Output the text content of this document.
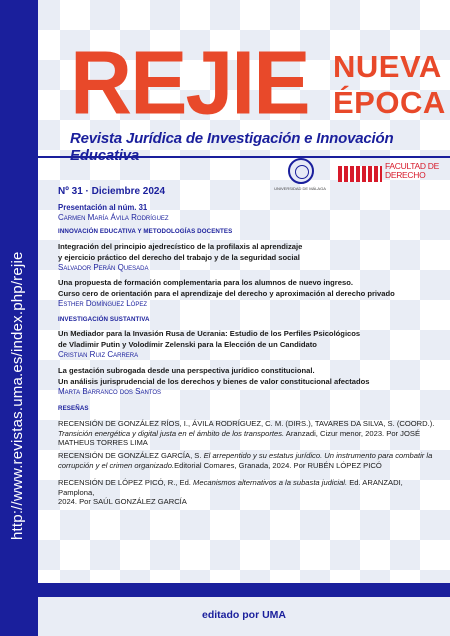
http://www.revistas.uma.es/index.php/rejie
REJIE NUEVA
ÉPOCA
Revista Jurídica de Investigación e Innovación
UNIVERSIDAD DE MÁLAGA
FACULTAD DE
DERECHO
Nº 31 · Diciembre 2024
Presentación al núm. 31
Carmen María Ávila Rodríguez
INNOVACIÓN EDUCATIVA Y METODOLOGÍAS DOCENTES
Integración del principio ajedrecístico de la profilaxis al aprendizaje
y ejercicio práctico del derecho del trabajo y de la seguridad social
Salvador Perán Quesada
Una propuesta de formación complementaria para los alumnos de nuevo ingreso.
Curso cero de orientación para el aprendizaje del derecho y aproximación al derecho privado
Esther Domínguez López
INVESTIGACIÓN SUSTANTIVA
Un Mediador para la Invasión Rusa de Ucrania: Estudio de los Perfiles Psicológicos
de Vladimir Putin y Volodímir Zelenski para la Elección de un Candidato
Cristian Ruiz Carrera
La gestación subrogada desde una perspectiva jurídico constitucional.
Un análisis jurisprudencial de los derechos y bienes de valor constitucional afectados
Marta Barranco dos Santos
RESEÑAS
RECENSIÓN DE GONZÁLEZ RÍOS, I., ÁVILA RODRÍGUEZ, C. M. (DIRS.), TAVARES DA SILVA, S. (COORD.).
Transición energética y digital justa en el ámbito de los transportes. Aranzadi, Cizur menor, 2023. Por JOSÉ
MATHEUS TORRES LIMA
RECENSIÓN DE GONZÁLEZ GARCÍA, S. El arrepentido y su estatus jurídico. Un instrumento para combatir la
corrupción y el crimen organizado.Editorial Comares, Granada, 2024. Por RUBÉN LÓPEZ PICÓ
RECENSIÓN DE LÓPEZ PICÓ, R., Ed. Mecanismos alternativos a la subasta judicial. Ed. ARANZADI, Pamplona,
2024. Por SAÚL GONZÁLEZ GARCÍA
editado por UMA
